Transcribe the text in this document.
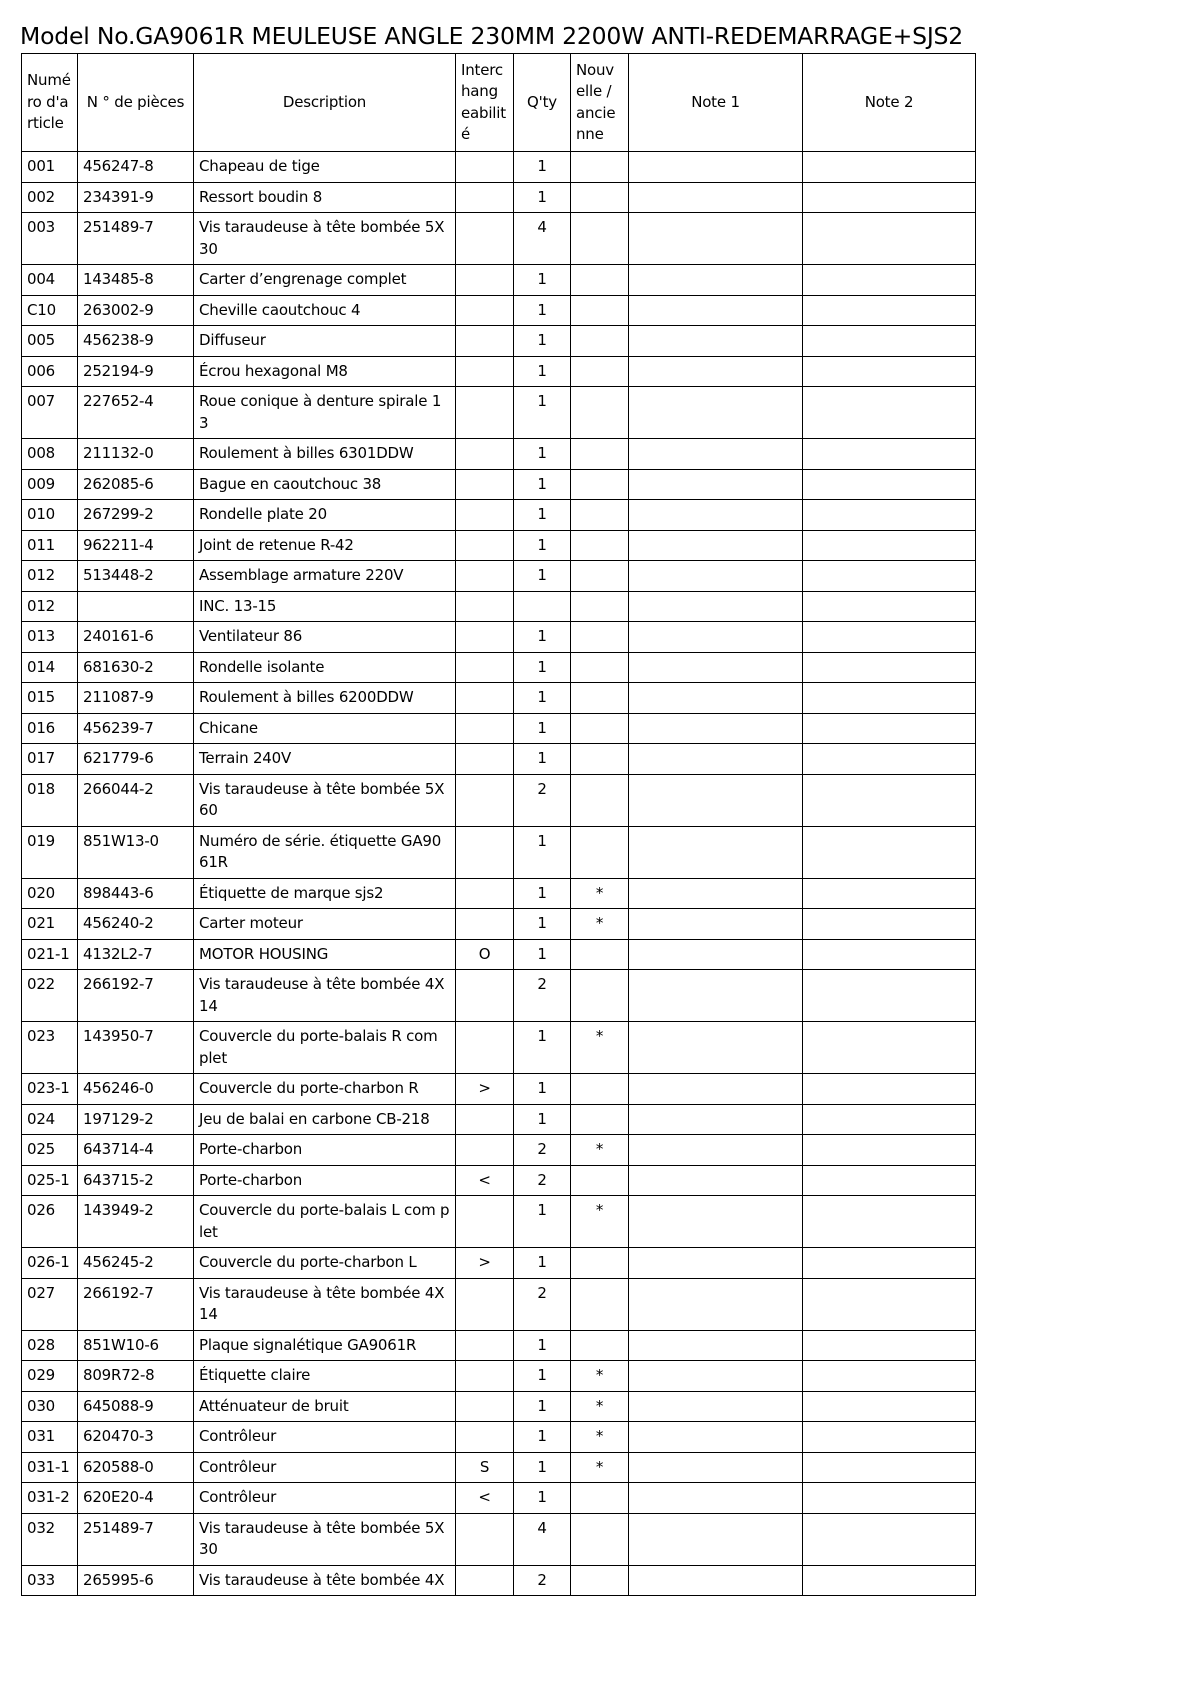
Model No.GA9061R MEULEUSE ANGLE 230MM 2200W ANTI-REDEMARRAGE+SJS2
Numé ro d'a rticle	N ° de pièces	Description	Interc hang eabilit é	Q'ty	Nouv elle / ancie nne	Note 1	Note 2
001	456247-8	Chapeau de tige		1			
002	234391-9	Ressort boudin 8		1			
003	251489-7	Vis taraudeuse à tête bombée 5X 30		4			
004	143485-8	Carter d’engrenage complet		1			
C10	263002-9	Cheville caoutchouc 4		1			
005	456238-9	Diffuseur		1			
006	252194-9	Écrou hexagonal M8		1			
007	227652-4	Roue conique à denture spirale 1 3		1			
008	211132-0	Roulement à billes 6301DDW		1			
009	262085-6	Bague en caoutchouc 38		1			
010	267299-2	Rondelle plate 20		1			
011	962211-4	Joint de retenue R-42		1			
012	513448-2	Assemblage armature 220V		1			
012		INC. 13-15					
013	240161-6	Ventilateur 86		1			
014	681630-2	Rondelle isolante		1			
015	211087-9	Roulement à billes 6200DDW		1			
016	456239-7	Chicane		1			
017	621779-6	Terrain 240V		1			
018	266044-2	Vis taraudeuse à tête bombée 5X 60		2			
019	851W13-0	Numéro de série. étiquette GA90 61R		1			
020	898443-6	Étiquette de marque sjs2		1	*		
021	456240-2	Carter moteur		1	*		
021-1	4132L2-7	MOTOR HOUSING	O	1			
022	266192-7	Vis taraudeuse à tête bombée 4X 14		2			
023	143950-7	Couvercle du porte-balais R com plet		1	*		
023-1	456246-0	Couvercle du porte-charbon R	>	1			
024	197129-2	Jeu de balai en carbone CB-218		1			
025	643714-4	Porte-charbon		2	*		
025-1	643715-2	Porte-charbon	<	2			
026	143949-2	Couvercle du porte-balais L com plet		1	*		
026-1	456245-2	Couvercle du porte-charbon L	>	1			
027	266192-7	Vis taraudeuse à tête bombée 4X 14		2			
028	851W10-6	Plaque signalétique GA9061R		1			
029	809R72-8	Étiquette claire		1	*		
030	645088-9	Atténuateur de bruit		1	*		
031	620470-3	Contrôleur		1	*		
031-1	620588-0	Contrôleur	S	1	*		
031-2	620E20-4	Contrôleur	<	1			
032	251489-7	Vis taraudeuse à tête bombée 5X 30		4			
033	265995-6	Vis taraudeuse à tête bombée 4X		2			
